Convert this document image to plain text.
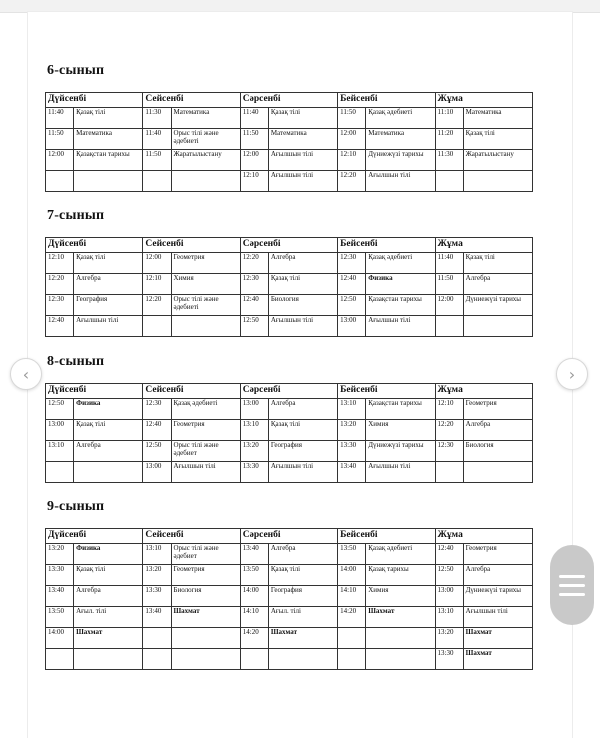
6-сынып
Дүйсенбі		Сейсенбі		Сәрсенбі		Бейсенбі		Жұма	
11:40	Қазақ тілі	11:30	Математика	11:40	Қазақ тілі	11:50	Қазақ әдебиеті	11:10	Математика
11:50	Математика	11:40	Орыс тілі және әдебиеті	11:50	Математика	12:00	Математика	11:20	Қазақ тілі
12:00	Қазақстан тарихы	11:50	Жаратылыстану	12:00	Ағылшын тілі	12:10	Дүниежүзі тарихы	11:30	Жаратылыстану
				12:10	Ағылшын тілі	12:20	Ағылшын тілі		
7-сынып
Дүйсенбі		Сейсенбі		Сәрсенбі		Бейсенбі		Жұма	
12:10	Қазақ тілі	12:00	Геометрия	12:20	Алгебра	12:30	Қазақ әдебиеті	11:40	Қазақ тілі
12:20	Алгебра	12:10	Химия	12:30	Қазақ тілі	12:40	Физика	11:50	Алгебра
12:30	География	12:20	Орыс тілі және әдебиеті	12:40	Биология	12:50	Қазақстан тарихы	12:00	Дүниежүзі тарихы
12:40	Ағылшын тілі			12:50	Ағылшын тілі	13:00	Ағылшын тілі		
8-сынып
Дүйсенбі		Сейсенбі		Сәрсенбі		Бейсенбі		Жұма	
12:50	Физика	12:30	Қазақ әдебиеті	13:00	Алгебра	13:10	Қазақстан тарихы	12:10	Геометрия
13:00	Қазақ тілі	12:40	Геометрия	13:10	Қазақ тілі	13:20	Химия	12:20	Алгебра
13:10	Алгебра	12:50	Орыс тілі және әдебиет	13:20	География	13:30	Дүниежүзі тарихы	12:30	Биология
		13:00	Ағылшын тілі	13:30	Ағылшын тілі	13:40	Ағылшын тілі		
9-сынып
Дүйсенбі		Сейсенбі		Сәрсенбі		Бейсенбі		Жұма	
13:20	Физика	13:10	Орыс тілі және әдебиет	13:40	Алгебра	13:50	Қазақ әдебиеті	12:40	Геометрия
13:30	Қазақ тілі	13:20	Геометрия	13:50	Қазақ тілі	14:00	Қазақ тарихы	12:50	Алгебра
13:40	Алгебра	13:30	Биология	14:00	География	14:10	Химия	13:00	Дүниежүзі тарихы
13:50	Ағыл. тілі	13:40	Шахмат	14:10	Ағыл. тілі	14:20	Шахмат	13:10	Ағылшын тілі
14:00	Шахмат			14:20	Шахмат			13:20	Шахмат
								13:30	Шахмат
‹	›
